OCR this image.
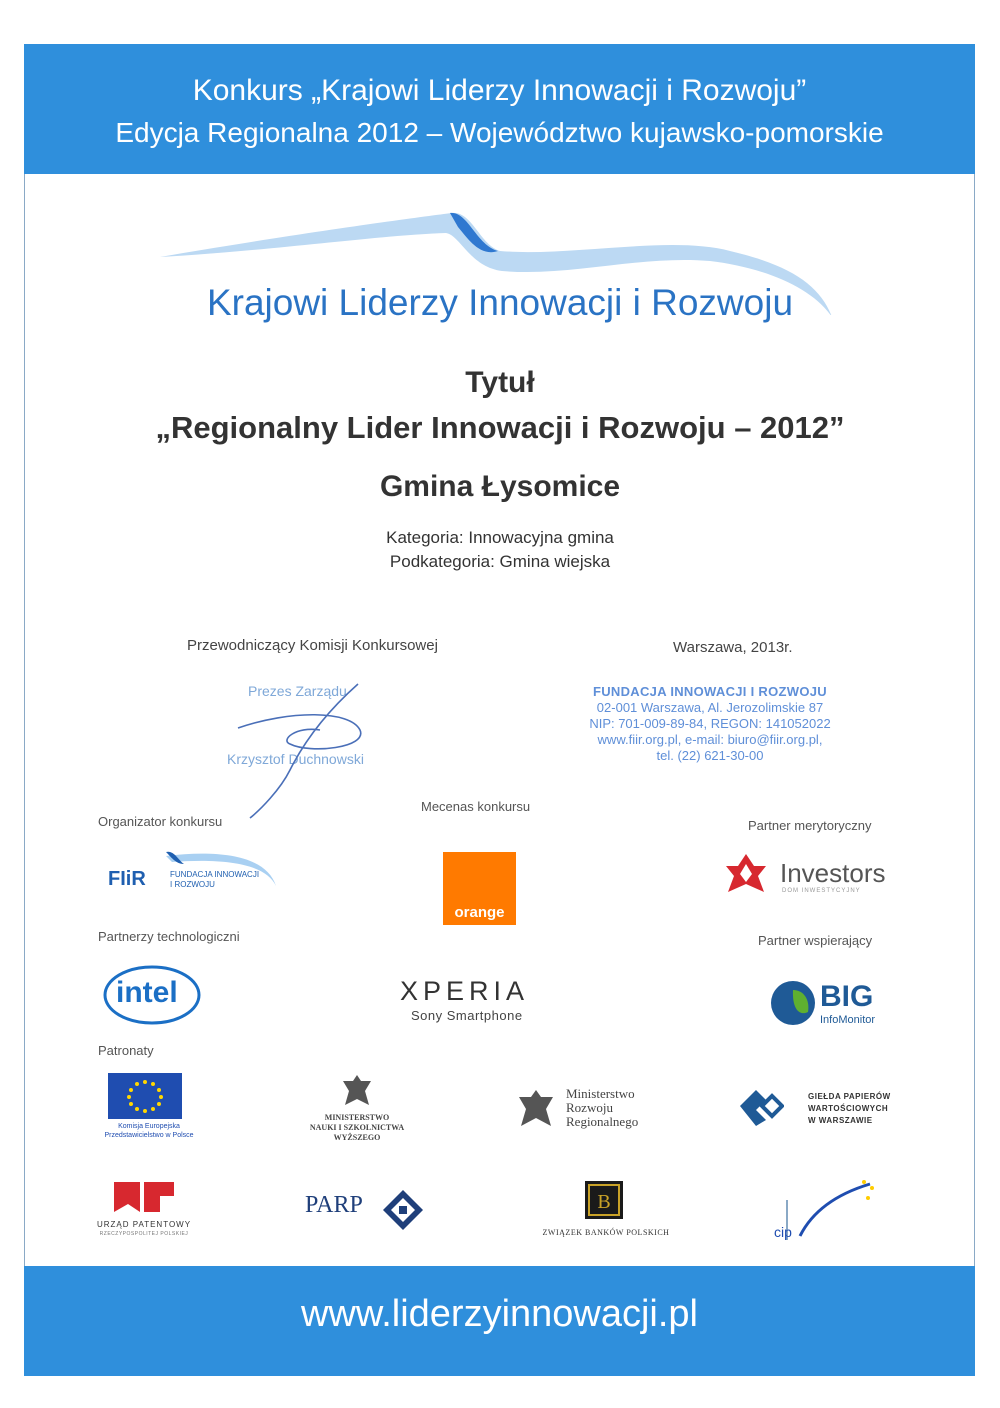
Konkurs „Krajowi Liderzy Innowacji i Rozwoju”
Edycja Regionalna 2012 – Województwo kujawsko-pomorskie
Krajowi Liderzy Innowacji i Rozwoju
Tytuł
„Regionalny Lider Innowacji i Rozwoju – 2012”
Gmina Łysomice
Kategoria: Innowacyjna gmina
Podkategoria: Gmina wiejska
Przewodniczący Komisji Konkursowej	Warszawa, 2013r.
Prezes Zarządu
Krzysztof Duchnowski
FUNDACJA INNOWACJI I ROZWOJU
02-001 Warszawa, Al. Jerozolimskie 87
NIP: 701-009-89-84, REGON: 141052022
www.fiir.org.pl, e-mail: biuro@fiir.org.pl,
tel. (22) 621-30-00
Organizator konkursu
Mecenas konkursu
Partner merytoryczny
Partnerzy technologiczni	Partner wspierający
Patronaty
FIiR	FUNDACJA INNOWACJI
I ROZWOJU
orange
Investors
DOM INWESTYCYJNY
intel	XPERIA
Sony Smartphone
BIG
InfoMonitor
Komisja Europejska
Przedstawicielstwo w Polsce
MINISTERSTWO
NAUKI I SZKOLNICTWA
WYŻSZEGO
Ministerstwo
Rozwoju
Regionalnego
GIEŁDA PAPIERÓW
WARTOŚCIOWYCH
W WARSZAWIE
URZĄD PATENTOWY
RZECZYPOSPOLITEJ POLSKIEJ
PARP	B
ZWIĄZEK BANKÓW POLSKICH	cip
www.liderzyinnowacji.pl
